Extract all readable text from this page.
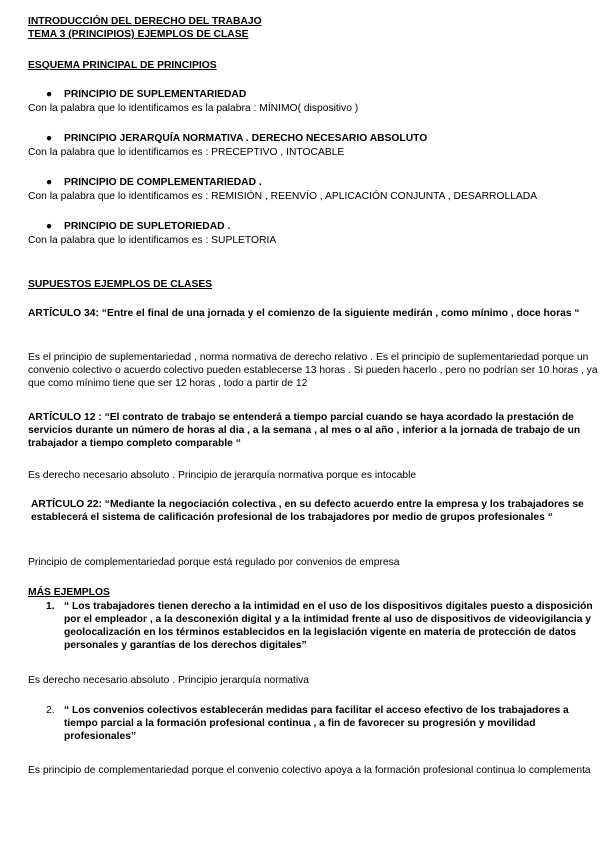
INTRODUCCIÓN DEL DERECHO DEL TRABAJO
TEMA 3 (PRINCIPIOS) EJEMPLOS DE CLASE
ESQUEMA PRINCIPAL DE PRINCIPIOS
● PRINCIPIO DE SUPLEMENTARIEDAD
Con la palabra que lo identificamos es la palabra : MÍNIMO( dispositivo )
● PRINCIPIO JERARQUÍA NORMATIVA . DERECHO NECESARIO ABSOLUTO
Con la palabra que lo identificamos es : PRECEPTIVO , INTOCABLE
● PRINCIPIO DE COMPLEMENTARIEDAD .
Con la palabra que lo identificamos es : REMISIÓN , REENVÍO , APLICACIÓN CONJUNTA , DESARROLLADA
● PRINCIPIO DE SUPLETORIEDAD .
Con la palabra que lo identificamos es : SUPLETORIA
SUPUESTOS EJEMPLOS DE CLASES
ARTÍCULO 34: “Entre el final de una jornada y el comienzo de la siguiente medirán , como mínimo , doce horas “
Es el principio de suplementariedad , norma normativa de derecho relativo . Es el principio de suplementariedad porque un convenio colectivo o acuerdo colectivo pueden establecerse 13 horas . Si pueden hacerlo , pero no podrían ser 10 horas , ya que como mínimo tiene que ser 12 horas , todo a partir de 12
ARTÍCULO 12 : “El contrato de trabajo se entenderá a tiempo parcial cuando se haya acordado la prestación de servicios durante un número de horas al dia , a la semana , al mes o al año , inferior a la jornada de trabajo de un trabajador a tiempo completo comparable “
Es derecho necesario absoluto . Principio de jerarquía normativa porque es intocable
ARTÍCULO 22: “Mediante la negociación colectiva , en su defecto acuerdo entre la empresa y los trabajadores se establecerá el sistema de calificación profesional de los trabajadores por medio de grupos profesionales “
Principio de complementariedad porque está regulado por convenios de empresa
MÁS EJEMPLOS
1. “ Los trabajadores tienen derecho a la intimidad en el uso de los dispositivos digitales puesto a disposición por el empleador , a la desconexión digital y a la intimidad frente al uso de dispositivos de videovigilancia y geolocalización en los términos establecidos en la legislación vigente en materia de protección de datos personales y garantías de los derechos digitales”
Es derecho necesario absoluto . Principio jerarquía normativa
2. “ Los convenios colectivos establecerán medidas para facilitar el acceso efectivo de los trabajadores a tiempo parcial a la formación profesional continua , a fin de favorecer su progresión y movilidad profesionales”
Es principio de complementariedad porque el convenio colectivo apoya a la formación profesional continua lo complementa
